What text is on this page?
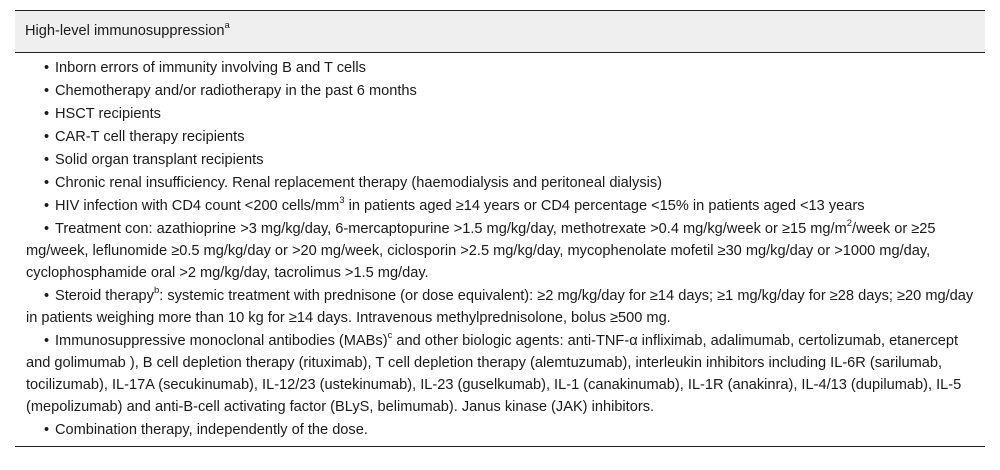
High-level immunosuppression$^a$
• Inborn errors of immunity involving B and T cells
• Chemotherapy and/or radiotherapy in the past 6 months
• HSCT recipients
• CAR-T cell therapy recipients
• Solid organ transplant recipients
• Chronic renal insufficiency. Renal replacement therapy (haemodialysis and peritoneal dialysis)
• HIV infection with CD4 count <200 cells/$mm^3$ in patients aged ≥14 years or CD4 percentage <15% in patients aged <13 years
• Treatment con: azathioprine >3 mg/kg/day, 6-mercaptopurine >1.5 mg/kg/day, methotrexate >0.4 mg/kg/week or ≥15 $mg/m^2$/week or ≥25 mg/week, leflunomide ≥0.5 mg/kg/day or >20 mg/week, ciclosporin >2.5 mg/kg/day, mycophenolate mofetil ≥30 mg/kg/day or >1000 mg/day, cyclophosphamide oral >2 mg/kg/day, tacrolimus >1.5 mg/day.
• Steroid therapy$^b$: systemic treatment with prednisone (or dose equivalent): ≥2 mg/kg/day for ≥14 days; ≥1 mg/kg/day for ≥28 days; ≥20 mg/day in patients weighing more than 10 kg for ≥14 days. Intravenous methylprednisolone, bolus ≥500 mg.
• Immunosuppressive monoclonal antibodies (MABs)$^c$ and other biologic agents: anti-TNF-α infliximab, adalimumab, certolizumab, etanercept and golimumab ), B cell depletion therapy (rituximab), T cell depletion therapy (alemtuzumab), interleukin inhibitors including IL-6R (sarilumab, tocilizumab), IL-17A (secukinumab), IL-12/23 (ustekinumab), IL-23 (guselkumab), IL-1 (canakinumab), IL-1R (anakinra), IL-4/13 (dupilumab), IL-5 (mepolizumab) and anti-B-cell activating factor (BLyS, belimumab). Janus kinase (JAK) inhibitors.
• Combination therapy, independently of the dose.
